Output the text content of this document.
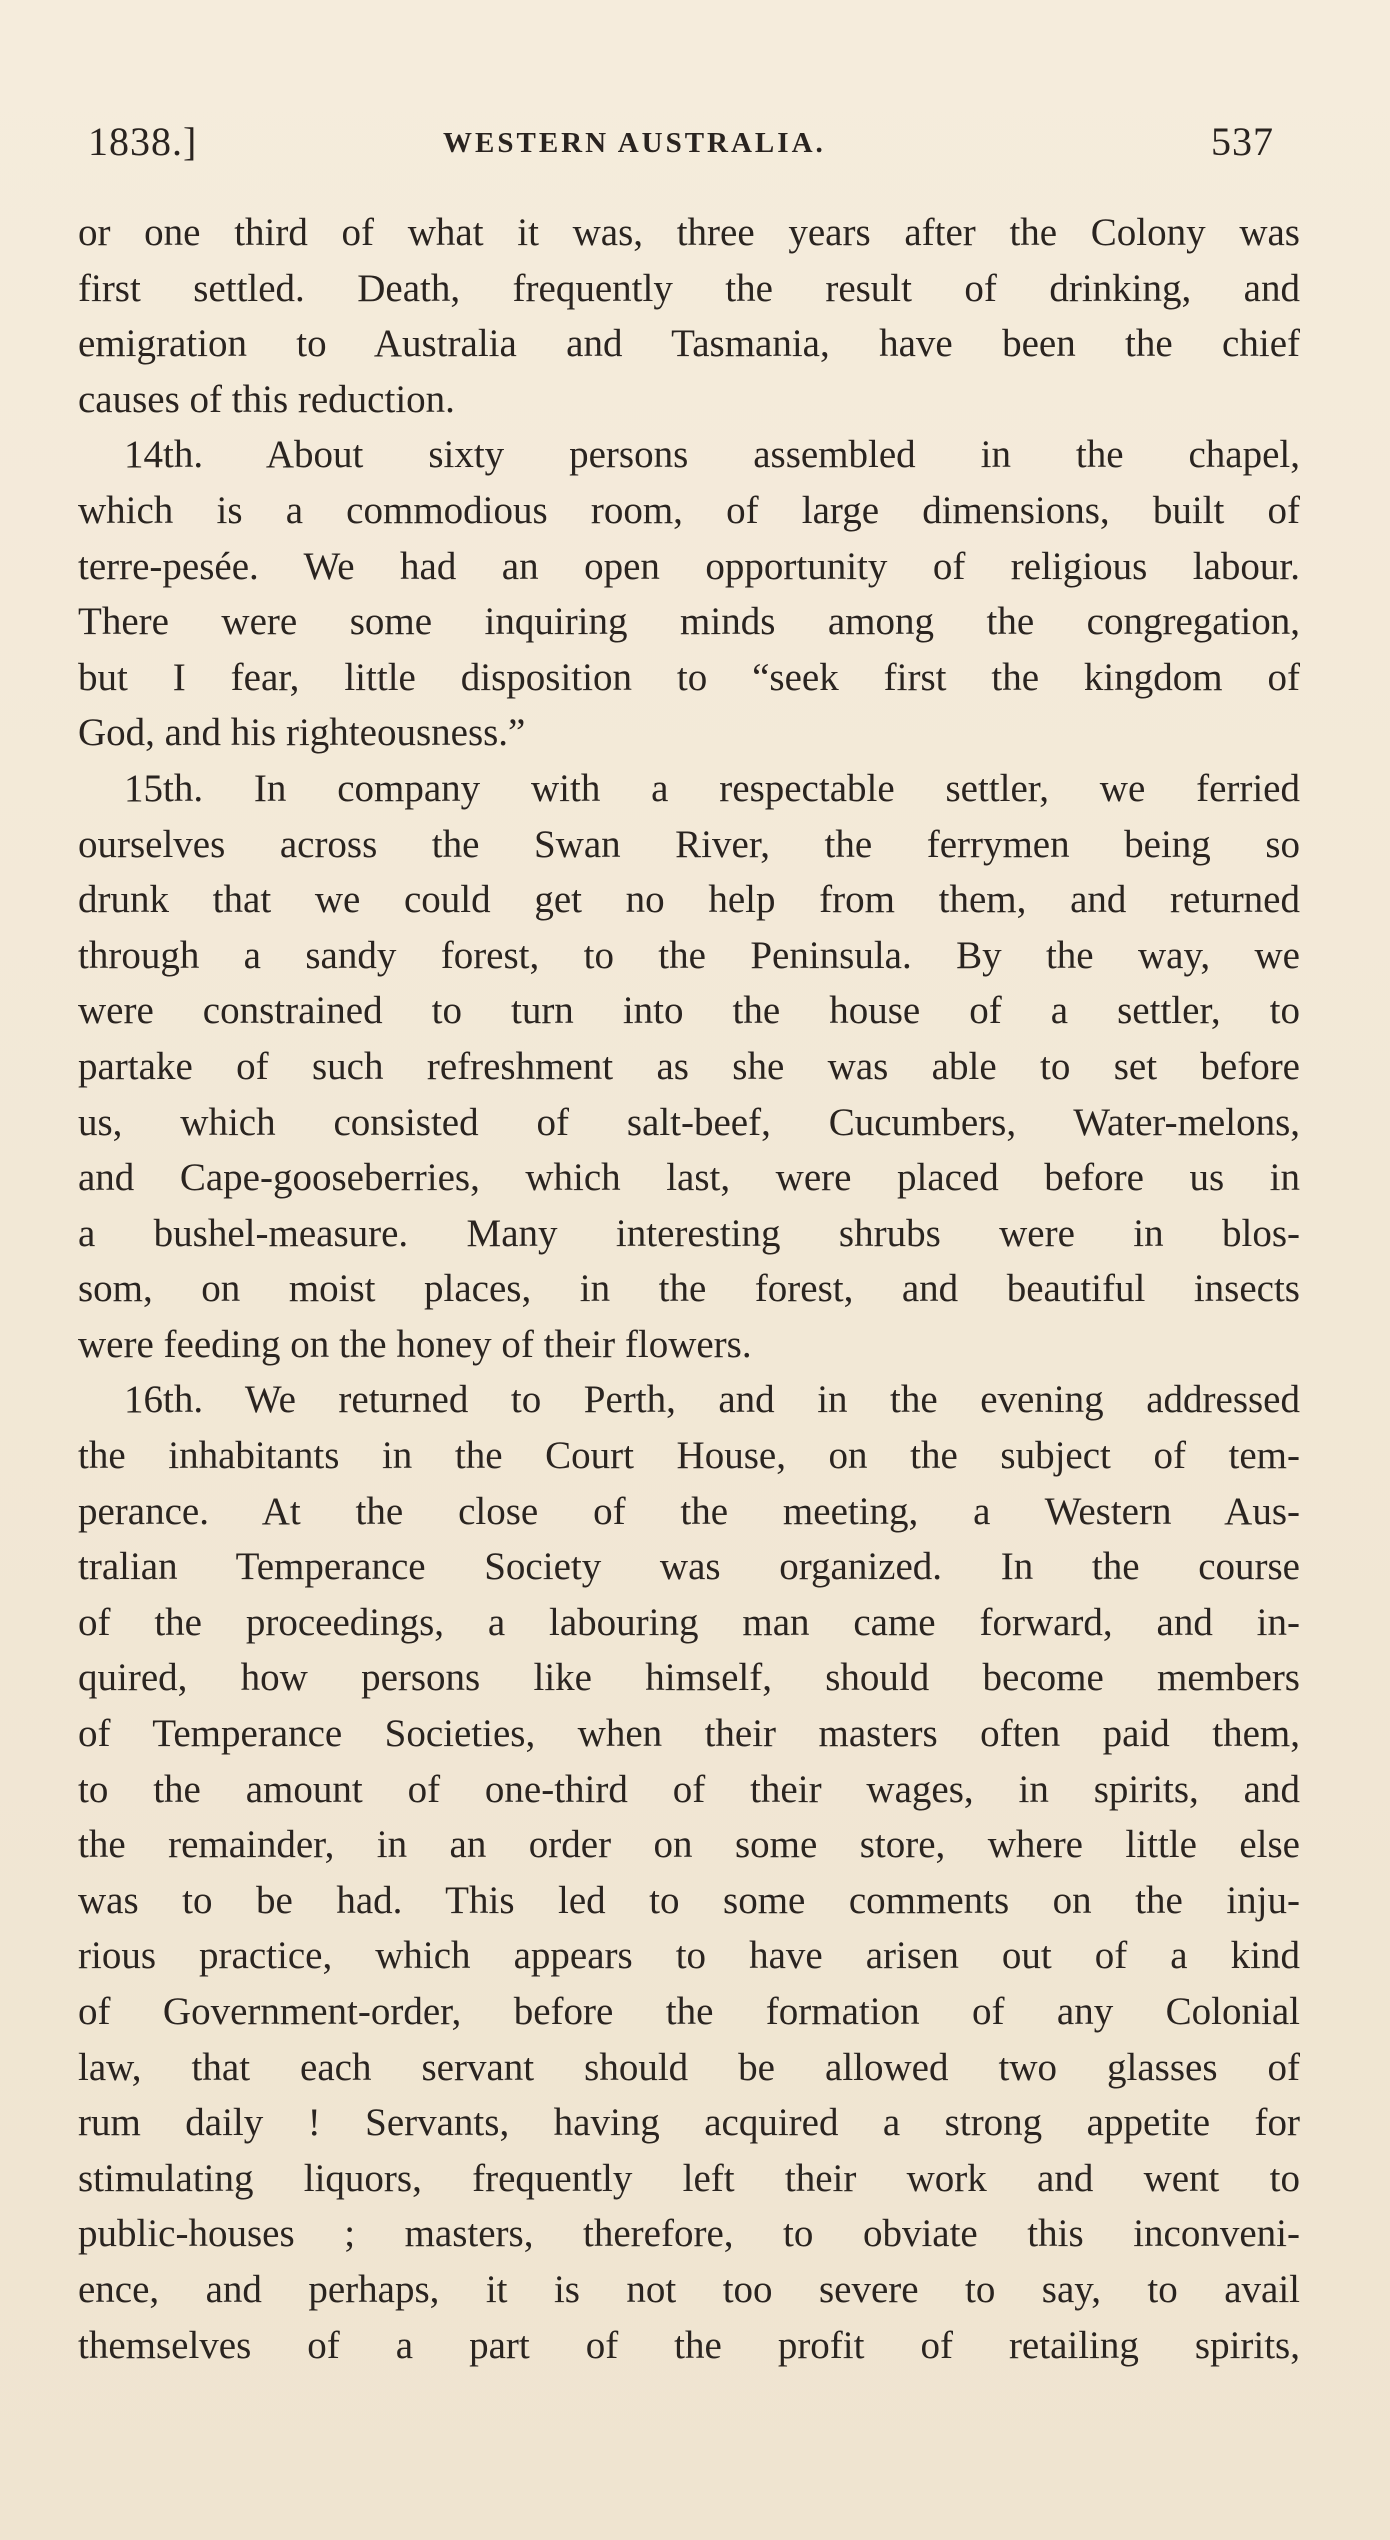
1838.]	WESTERN AUSTRALIA.	537
or one third of what it was, three years after the Colony was
first settled. Death, frequently the result of drinking, and
emigration to Australia and Tasmania, have been the chief
causes of this reduction.
14th. About sixty persons assembled in the chapel,
which is a commodious room, of large dimensions, built of
terre-pesée. We had an open opportunity of religious labour.
There were some inquiring minds among the congregation,
but I fear, little disposition to “seek first the kingdom of
God, and his righteousness.”
15th. In company with a respectable settler, we ferried
ourselves across the Swan River, the ferrymen being so
drunk that we could get no help from them, and returned
through a sandy forest, to the Peninsula. By the way, we
were constrained to turn into the house of a settler, to
partake of such refreshment as she was able to set before
us, which consisted of salt-beef, Cucumbers, Water-melons,
and Cape-gooseberries, which last, were placed before us in
a bushel-measure. Many interesting shrubs were in blos-
som, on moist places, in the forest, and beautiful insects
were feeding on the honey of their flowers.
16th. We returned to Perth, and in the evening addressed
the inhabitants in the Court House, on the subject of tem-
perance. At the close of the meeting, a Western Aus-
tralian Temperance Society was organized. In the course
of the proceedings, a labouring man came forward, and in-
quired, how persons like himself, should become members
of Temperance Societies, when their masters often paid them,
to the amount of one-third of their wages, in spirits, and
the remainder, in an order on some store, where little else
was to be had. This led to some comments on the inju-
rious practice, which appears to have arisen out of a kind
of Government-order, before the formation of any Colonial
law, that each servant should be allowed two glasses of
rum daily ! Servants, having acquired a strong appetite for
stimulating liquors, frequently left their work and went to
public-houses ; masters, therefore, to obviate this inconveni-
ence, and perhaps, it is not too severe to say, to avail
themselves of a part of the profit of retailing spirits,
